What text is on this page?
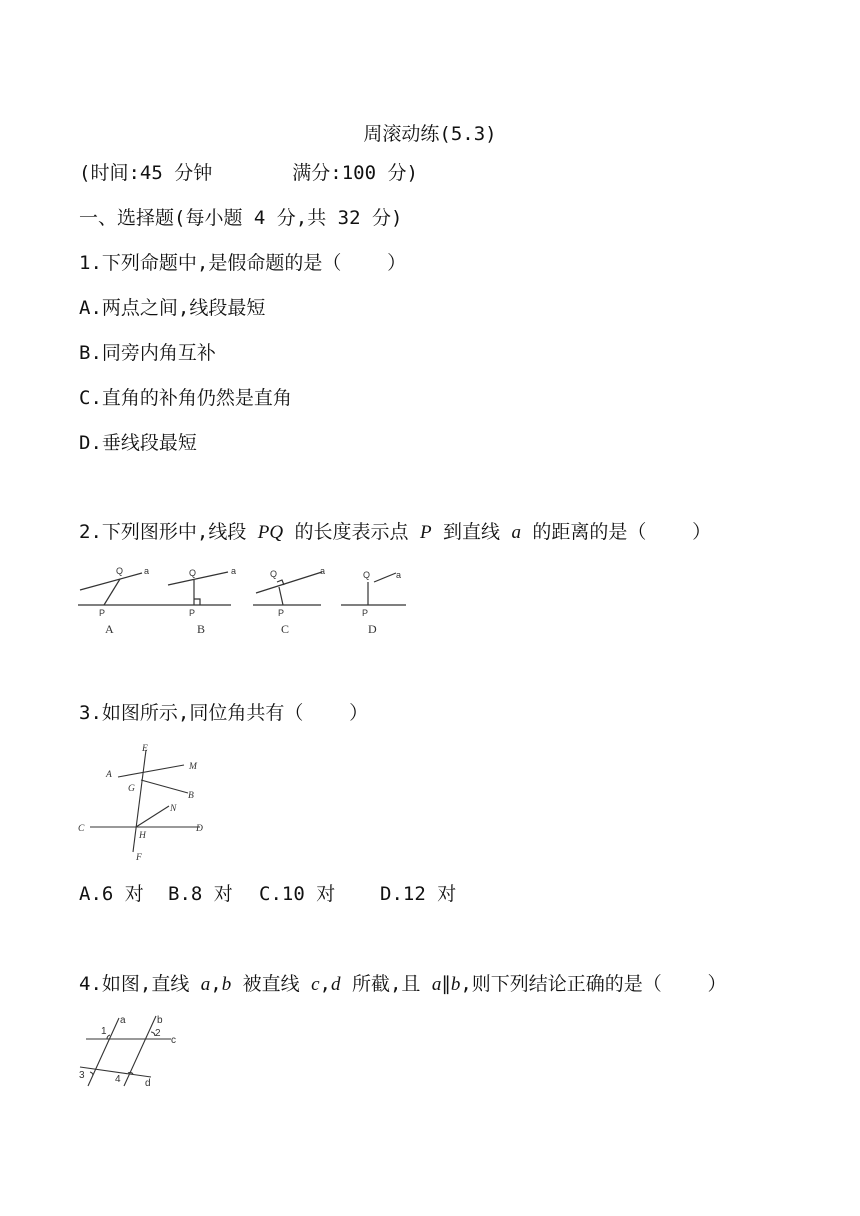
周滚动练(5.3)
(时间:45 分钟       满分:100 分)
一、选择题(每小题 4 分,共 32 分)
1.下列命题中,是假命题的是（    ）
A.两点之间,线段最短
B.同旁内角互补
C.直角的补角仍然是直角
D.垂线段最短
2.下列图形中,线段 PQ 的长度表示点 P 到直线 a 的距离的是（    ）
Q a
P
Q	a
P
Q	a
P
Q	a
P
A	B	C	D
3.如图所示,同位角共有（    ）
E
A
M
G
B
N
C
H
D
F
A.6 对 B.8 对 C.10 对 D.12 对
4.如图,直线 a,b 被直线 c,d 所截,且 a∥b,则下列结论正确的是（    ）
1
a	b
2
c
3	4 d
